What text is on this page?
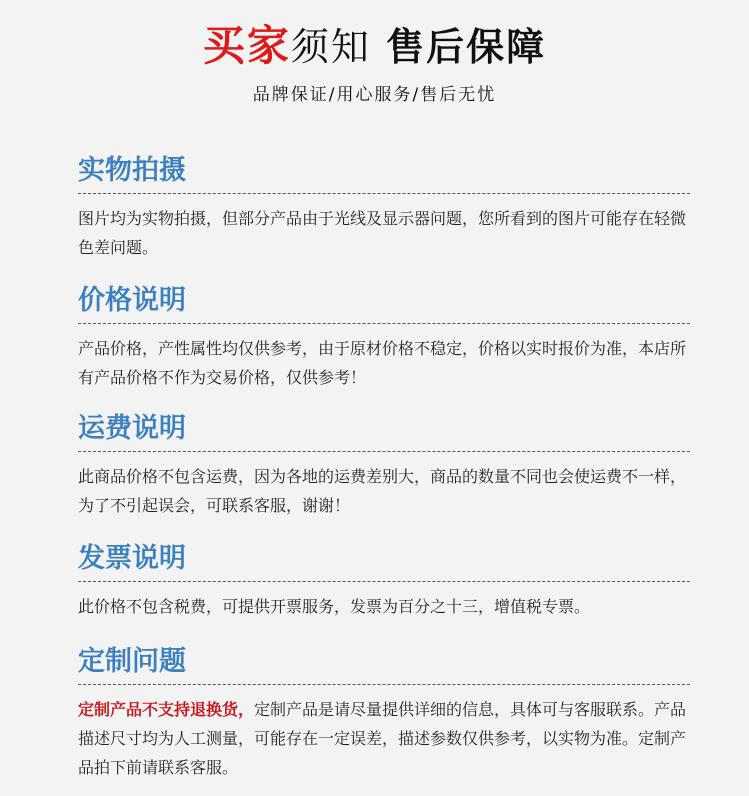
买家须知 售后保障
品牌保证/用心服务/售后无忧
实物拍摄
图片均为实物拍摄，但部分产品由于光线及显示器问题，您所看到的图片可能存在轻微色差问题。
价格说明
产品价格，产性属性均仅供参考，由于原材价格不稳定，价格以实时报价为准，本店所有产品价格不作为交易价格，仅供参考！
运费说明
此商品价格不包含运费，因为各地的运费差别大，商品的数量不同也会使运费不一样，为了不引起误会，可联系客服，谢谢！
发票说明
此价格不包含税费，可提供开票服务，发票为百分之十三，增值税专票。
定制问题
定制产品不支持退换货，定制产品是请尽量提供详细的信息，具体可与客服联系。产品描述尺寸均为人工测量，可能存在一定误差，描述参数仅供参考，以实物为准。定制产品拍下前请联系客服。
